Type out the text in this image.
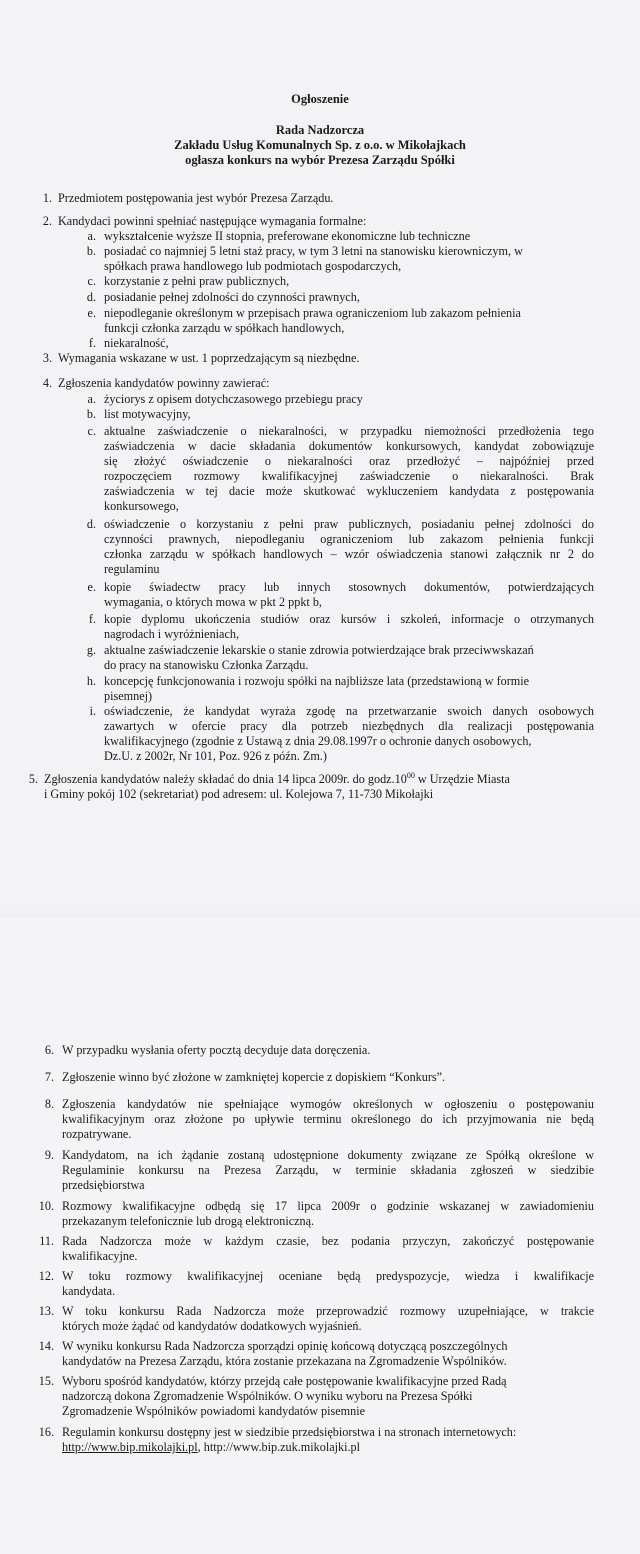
Ogłoszenie
Rada Nadzorcza
Zakładu Usług Komunalnych Sp. z o.o. w Mikołajkach
ogłasza konkurs na wybór Prezesa Zarządu Spółki
1. Przedmiotem postępowania jest wybór Prezesa Zarządu.
2. Kandydaci powinni spełniać następujące wymagania formalne:
a. wykształcenie wyższe II stopnia, preferowane ekonomiczne lub techniczne
b. posiadać co najmniej 5 letni staż pracy, w tym 3 letni na stanowisku kierowniczym, w
spółkach prawa handlowego lub podmiotach gospodarczych,
c. korzystanie z pełni praw publicznych,
d. posiadanie pełnej zdolności do czynności prawnych,
e. niepodleganie określonym w przepisach prawa ograniczeniom lub zakazom pełnienia
funkcji członka zarządu w spółkach handlowych,
f. niekaralność,
3. Wymagania wskazane w ust. 1 poprzedzającym są niezbędne.
4. Zgłoszenia kandydatów powinny zawierać:
a. życiorys z opisem dotychczasowego przebiegu pracy
b. list motywacyjny,
c. aktualne zaświadczenie o niekaralności, w przypadku niemożności przedłożenia tego
zaświadczenia w dacie składania dokumentów konkursowych, kandydat zobowiązuje
się złożyć oświadczenie o niekaralności oraz przedłożyć – najpóźniej przed
rozpoczęciem rozmowy kwalifikacyjnej zaświadczenie o niekaralności. Brak
zaświadczenia w tej dacie może skutkować wykluczeniem kandydata z postępowania
konkursowego,
d. oświadczenie o korzystaniu z pełni praw publicznych, posiadaniu pełnej zdolności do
czynności prawnych, niepodleganiu ograniczeniom lub zakazom pełnienia funkcji
członka zarządu w spółkach handlowych – wzór oświadczenia stanowi załącznik nr 2 do
regulaminu
e. kopie świadectw pracy lub innych stosownych dokumentów, potwierdzających
wymagania, o których mowa w pkt 2 ppkt b,
f. kopie dyplomu ukończenia studiów oraz kursów i szkoleń, informacje o otrzymanych
nagrodach i wyróżnieniach,
g. aktualne zaświadczenie lekarskie o stanie zdrowia potwierdzające brak przeciwwskazań
do pracy na stanowisku Członka Zarządu.
h. koncepcję funkcjonowania i rozwoju spółki na najbliższe lata (przedstawioną w formie
pisemnej)
i. oświadczenie, że kandydat wyraża zgodę na przetwarzanie swoich danych osobowych
zawartych w ofercie pracy dla potrzeb niezbędnych dla realizacji postępowania
kwalifikacyjnego (zgodnie z Ustawą z dnia 29.08.1997r o ochronie danych osobowych,
Dz.U. z 2002r, Nr 101, Poz. 926 z późn. Zm.)
5. Zgłoszenia kandydatów należy składać do dnia 14 lipca 2009r. do $godz.10^{00}$ w Urzędzie Miasta
i Gminy pokój 102 (sekretariat) pod adresem: ul. Kolejowa 7, 11-730 Mikołajki
6. W przypadku wysłania oferty pocztą decyduje data doręczenia.
7. Zgłoszenie winno być złożone w zamkniętej kopercie z dopiskiem “Konkurs”.
8. Zgłoszenia kandydatów nie spełniające wymogów określonych w ogłoszeniu o postępowaniu
kwalifikacyjnym oraz złożone po upływie terminu określonego do ich przyjmowania nie będą
rozpatrywane.
9. Kandydatom, na ich żądanie zostaną udostępnione dokumenty związane ze Spółką określone w
Regulaminie konkursu na Prezesa Zarządu, w terminie składania zgłoszeń w siedzibie
przedsiębiorstwa
10. Rozmowy kwalifikacyjne odbędą się 17 lipca 2009r o godzinie wskazanej w zawiadomieniu
przekazanym telefonicznie lub drogą elektroniczną.
11. Rada Nadzorcza może w każdym czasie, bez podania przyczyn, zakończyć postępowanie
kwalifikacyjne.
12. W toku rozmowy kwalifikacyjnej oceniane będą predyspozycje, wiedza i kwalifikacje
kandydata.
13. W toku konkursu Rada Nadzorcza może przeprowadzić rozmowy uzupełniające, w trakcie
których może żądać od kandydatów dodatkowych wyjaśnień.
14. W wyniku konkursu Rada Nadzorcza sporządzi opinię końcową dotyczącą poszczególnych
kandydatów na Prezesa Zarządu, która zostanie przekazana na Zgromadzenie Wspólników.
15. Wyboru spośród kandydatów, którzy przejdą całe postępowanie kwalifikacyjne przed Radą
nadzorczą dokona Zgromadzenie Wspólników. O wyniku wyboru na Prezesa Spółki
Zgromadzenie Wspólników powiadomi kandydatów pisemnie
16. Regulamin konkursu dostępny jest w siedzibie przedsiębiorstwa i na stronach internetowych:
http://www.bip.mikolajki.pl, http://www.bip.zuk.mikolajki.pl
